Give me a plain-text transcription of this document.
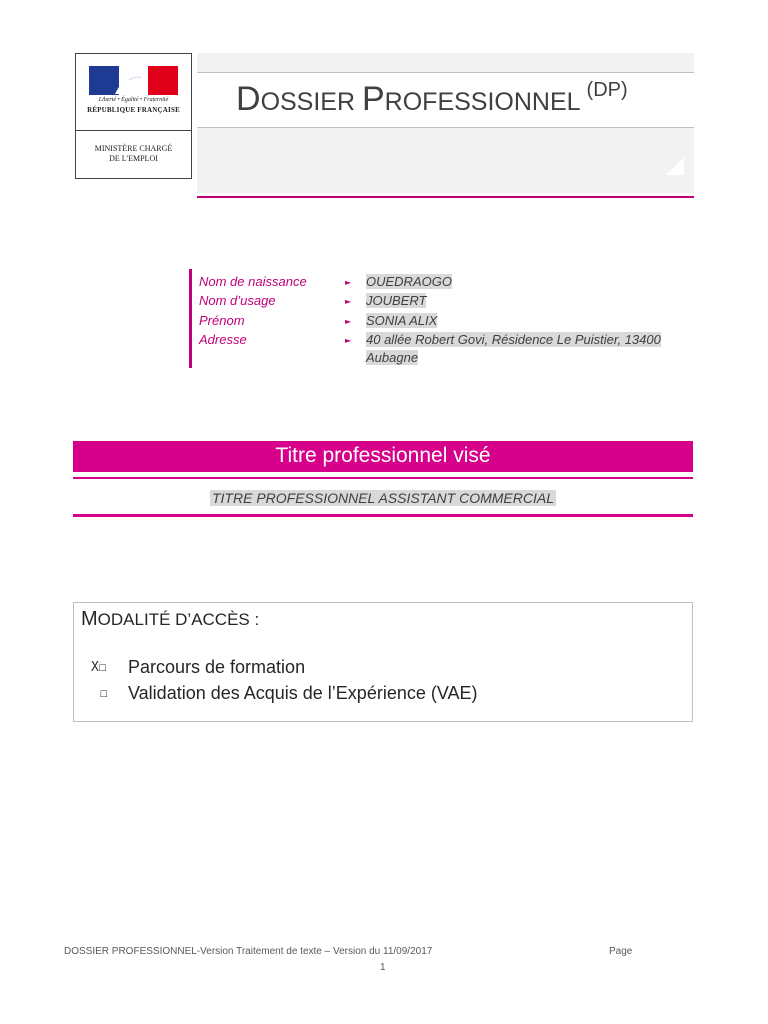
Liberté • Égalité • Fraternité
RÉPUBLIQUE FRANÇAISE
MINISTÈRE CHARGÉ
DE L'EMPLOI
DOSSIER PROFESSIONNEL (DP)
Nom de naissance	► OUEDRAOGO
Nom d’usage	► JOUBERT
Prénom	► SONIA ALIX
Adresse	► 40 allée Robert Govi, Résidence Le Puistier, 13400
Aubagne
Titre professionnel visé
TITRE PROFESSIONNEL ASSISTANT COMMERCIAL
MODALITÉ D’ACCÈS :
X☐ Parcours de formation
☐ Validation des Acquis de l’Expérience (VAE)
DOSSIER PROFESSIONNEL-Version Traitement de texte – Version du 11/09/2017	Page
1
